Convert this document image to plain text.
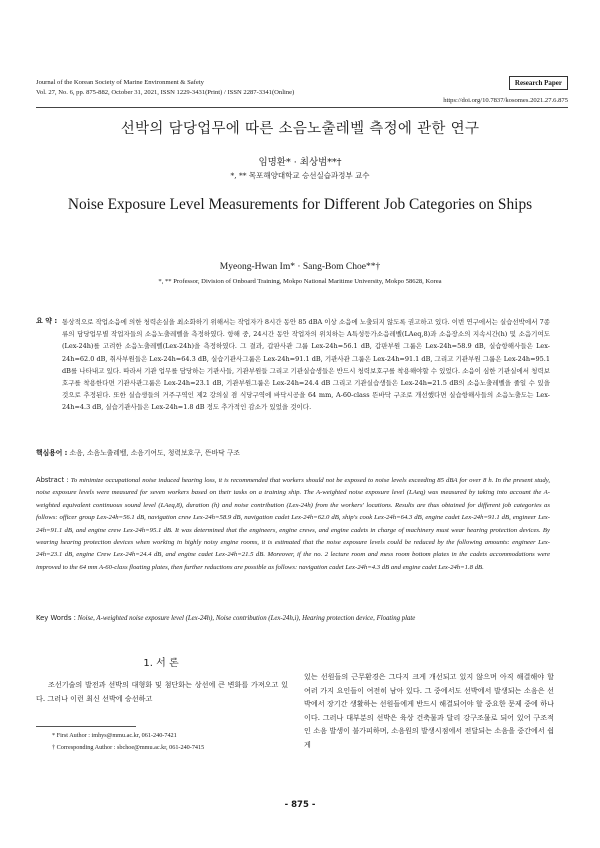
Journal of the Korean Society of Marine Environment & Safety
Vol. 27, No. 6, pp. 875-882, October 31, 2021, ISSN 1229-3431(Print) / ISSN 2287-3341(Online)
Research Paper
https://doi.org/10.7837/kosomes.2021.27.6.875
선박의 담당업무에 따른 소음노출레벨 측정에 관한 연구
임명환* · 최상범**†
*, ** 목포해양대학교 승선실습과정부 교수
Noise Exposure Level Measurements for Different Job Categories on Ships
Myeong-Hwan Im* · Sang-Bom Choe**†
*, ** Professor, Division of Onboard Training, Mokpo National Maritime University, Mokpo 58628, Korea
요 약 : 통상적으로 작업소음에 의한 청력손실을 최소화하기 위해서는 작업자가 8시간 동안 85 dBA 이상 소음에 노출되지 않도록 권고하고 있다. 이번 연구에서는 실습선박에서 7종류의 담당업무별 작업자들의 소음노출레벨을 측정하였다. 항해 중, 24시간 동안 작업자의 위치하는 A특성등가소음레벨(LAeq,8)과 소음장소의 지속시간(h) 및 소음기여도(Lex-24h)를 고려한 소음노출레벨(Lex-24h)을 측정하였다. 그 결과, 갑판사관 그룹 Lex-24h=56.1 dB, 갑판부원 그룹은 Lex-24h=58.9 dB, 실습항해사들은 Lex-24h=62.0 dB, 취사부원들은 Lex-24h=64.3 dB, 실습기관사그룹은 Lex-24h=91.1 dB, 기관사관 그룹은 Lex-24h=91.1 dB, 그리고 기관부원 그룹은 Lex-24h=95.1 dB를 나타내고 있다. 따라서 기관 업무를 담당하는 기관사들, 기관부원들 그리고 기관실습생들은 반드시 청력보호구를 착용해야할 수 있었다. 소음이 심한 기관실에서 청력보호구를 착용한다면 기관사관그룹은 Lex-24h=23.1 dB, 기관부원그룹은 Lex-24h=24.4 dB 그리고 기관실습생들은 Lex-24h=21.5 dB의 소음노출레벨을 줄일 수 있을 것으로 추정된다. 또한 실습생들의 거주구역인 제2 강의실 겸 식당구역에 바닥시공을 64 mm, A-60-class 뜬바닥 구조로 개선했다면 실습항해사들의 소음노출도는 Lex-24h=4.3 dB, 실습기관사들은 Lex-24h=1.8 dB 정도 추가적인 감소가 있었을 것이다.
핵심용어 : 소음, 소음노출레벨, 소음기여도, 청력보호구, 뜬바닥 구조
Abstract : To minimize occupational noise induced hearing loss, it is recommended that workers should not be exposed to noise levels exceeding 85 dBA for over 8 h. In the present study, noise exposure levels were measured for seven workers based on their tasks on a training ship. The A-weighted noise exposure level (LAeq) was measured by taking into account the A-weighted equivalent continuous sound level (LAeq,8), duration (h) and noise contribution (Lex-24h) from the workers' locations. Results are thus obtained for different job categories as follows: officer group Lex-24h=56.1 dB, navigation crew Lex-24h=58.9 dB, navigation cadet Lex-24h=62.0 dB, ship's cook Lex-24h=64.3 dB, engine cadet Lex-24h=91.1 dB, engineer Lex-24h=91.1 dB, and engine crew Lex-24h=95.1 dB. It was determined that the engineers, engine crews, and engine cadets in charge of machinery must wear hearing protection devices. By wearing hearing protection devices when working in highly noisy engine rooms, it is estimated that the noise exposure levels could be reduced by the following amounts: engineer Lex-24h=23.1 dB, engine Crew Lex-24h=24.4 dB, and engine cadet Lex-24h=21.5 dB. Moreover, if the no. 2 lecture room and mess room bottom plates in the cadets accommodations were improved to the 64 mm A-60-class floating plates, then further reductions are possible as follows: navigation cadet Lex-24h=4.3 dB and engine cadet Lex-24h=1.8 dB.
Key Words : Noise, A-weighted noise exposure level (Lex-24h), Noise contribution (Lex-24h,i), Hearing protection device, Floating plate
1. 서 론
조선기술의 발전과 선박의 대형화 및 첨단화는 상선에 큰 변화를 가져오고 있다. 그러나 이런 최신 선박에 승선하고
있는 선원들의 근무환경은 그다지 크게 개선되고 있지 않으며 아직 해결해야 할 여러 가지 요인들이 여전히 남아 있다. 그 중에서도 선박에서 발생되는 소음은 선박에서 장기간 생활하는 선원들에게 반드시 해결되어야 할 중요한 문제 중에 하나이다. 그러나 대부분의 선박은 육상 건축물과 달리 강구조물로 되어 있어 구조적인 소음 발생이 불가피하며, 소음원의 발생시점에서 전달되는 소음을 중간에서 쉽게
* First Author : imhys@mmu.ac.kr, 061-240-7421
† Corresponding Author : sbchoe@mmu.ac.kr, 061-240-7415
- 875 -
